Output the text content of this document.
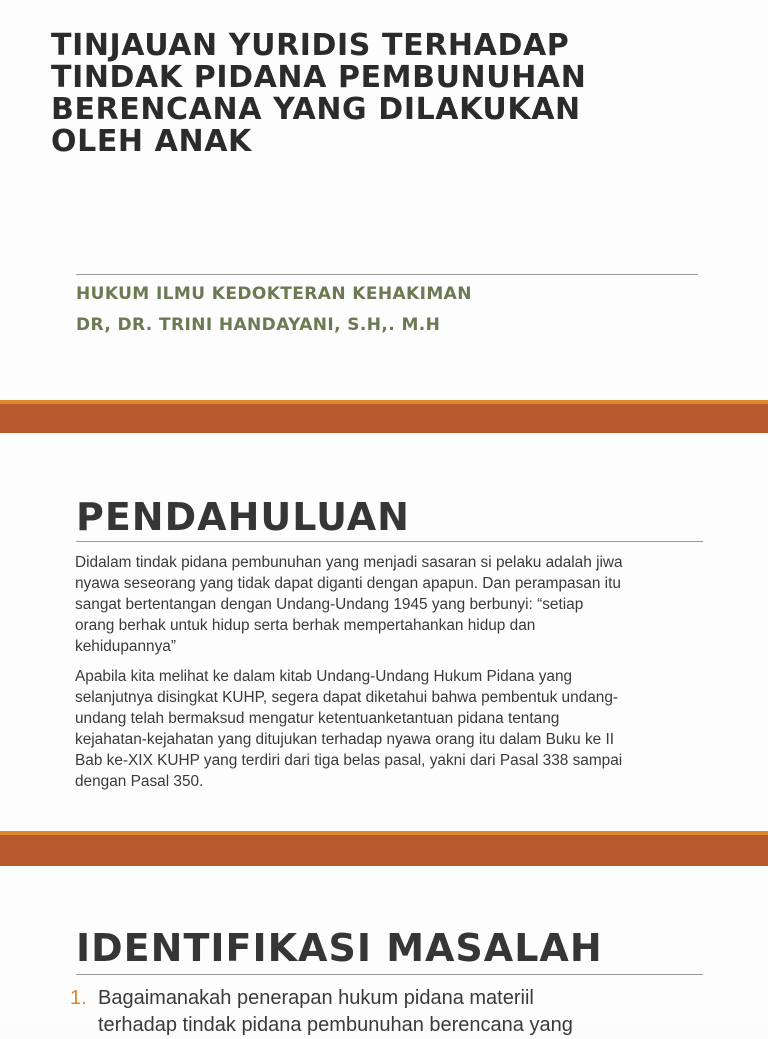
TINJAUAN YURIDIS TERHADAP
TINDAK PIDANA PEMBUNUHAN
BERENCANA YANG DILAKUKAN
OLEH ANAK
HUKUM ILMU KEDOKTERAN KEHAKIMAN
DR, DR. TRINI HANDAYANI, S.H,. M.H
PENDAHULUAN

Didalam tindak pidana pembunuhan yang menjadi sasaran si pelaku adalah jiwa
nyawa seseorang yang tidak dapat diganti dengan apapun. Dan perampasan itu
sangat bertentangan dengan Undang-Undang 1945 yang berbunyi: “setiap
orang berhak untuk hidup serta berhak mempertahankan hidup dan
kehidupannya”

Apabila kita melihat ke dalam kitab Undang-Undang Hukum Pidana yang
selanjutnya disingkat KUHP, segera dapat diketahui bahwa pembentuk undang-
undang telah bermaksud mengatur ketentuanketantuan pidana tentang
kejahatan-kejahatan yang ditujukan terhadap nyawa orang itu dalam Buku ke II
Bab ke-XIX KUHP yang terdiri dari tiga belas pasal, yakni dari Pasal 338 sampai
dengan Pasal 350.

IDENTIFIKASI MASALAH
1. Bagaimanakah penerapan hukum pidana materiil
terhadap tindak pidana pembunuhan berencana yang
